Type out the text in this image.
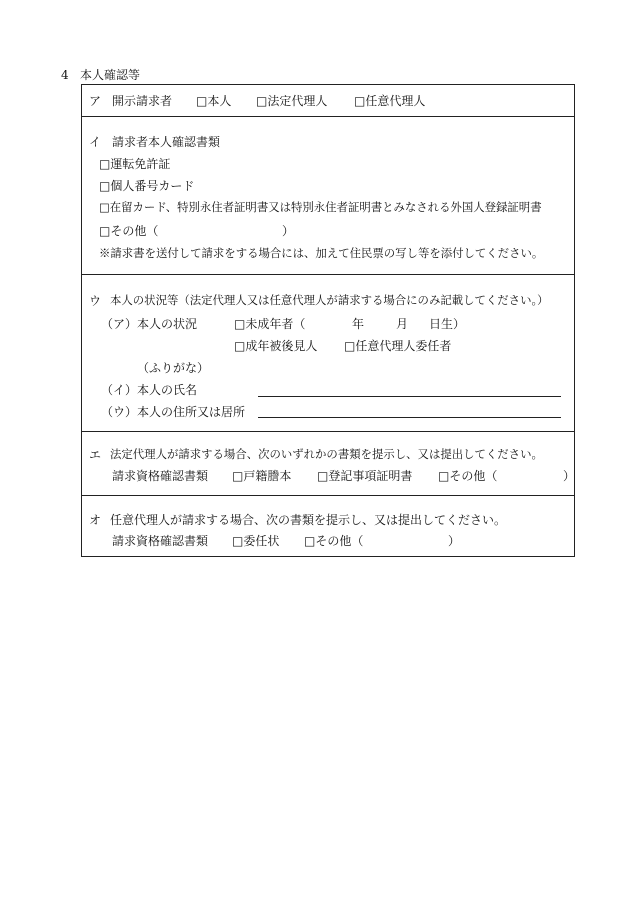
4 本人確認等
ア 開示請求者 □本人 □法定代理人 □任意代理人
イ 請求者本人確認書類
□運転免許証
□個人番号カード
□在留カード、特別永住者証明書又は特別永住者証明書とみなされる外国人登録証明書
□その他（	）
※請求書を送付して請求をする場合には、加えて住民票の写し等を添付してください。
ウ 本人の状況等（法定代理人又は任意代理人が請求する場合にのみ記載してください。）
（ア） 本人の状況	□未成年者（	年	月 日生）
□成年被後見人 □任意代理人委任者
（ふりがな）
（イ） 本人の氏名
（ウ） 本人の住所又は居所
エ 法定代理人が請求する場合、次のいずれかの書類を提示し、又は提出してください。
請求資格確認書類 □戸籍謄本 □登記事項証明書 □その他（	）
オ 任意代理人が請求する場合、次の書類を提示し、又は提出してください。
請求資格確認書類 □委任状 □その他（	）
